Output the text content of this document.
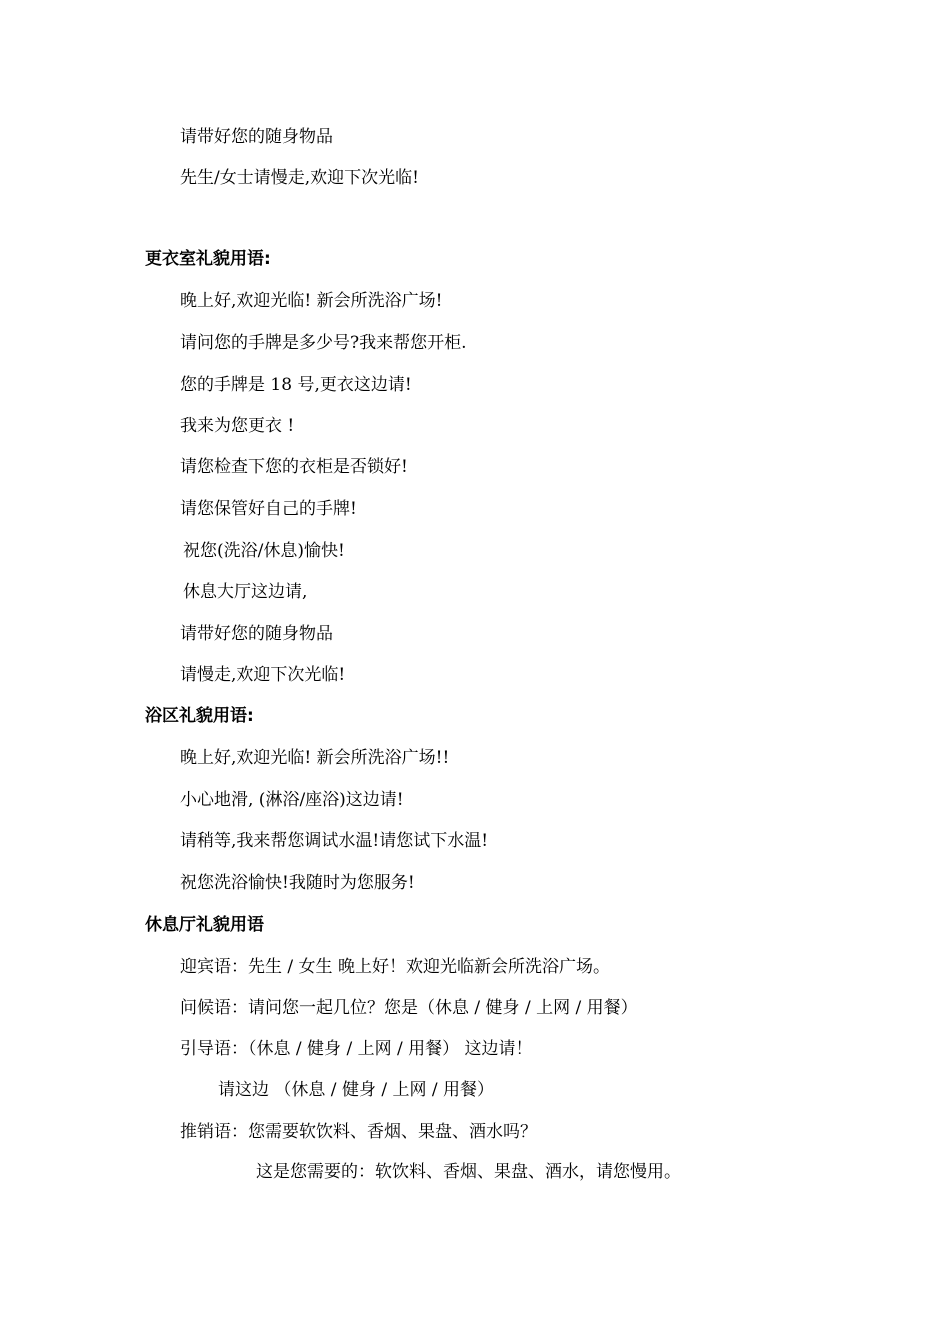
请带好您的随身物品
先生/女士请慢走,欢迎下次光临!
更衣室礼貌用语:
晚上好,欢迎光临! 新会所洗浴广场!
请问您的手牌是多少号?我来帮您开柜.
您的手牌是 18 号,更衣这边请!
我来为您更衣 !
请您检查下您的衣柜是否锁好!
请您保管好自己的手牌!
祝您(洗浴/休息)愉快!
休息大厅这边请,
请带好您的随身物品
请慢走,欢迎下次光临!
浴区礼貌用语:
晚上好,欢迎光临! 新会所洗浴广场!!
小心地滑, (淋浴/座浴)这边请!
请稍等,我来帮您调试水温!请您试下水温!
祝您洗浴愉快!我随时为您服务!
休息厅礼貌用语
迎宾语：先生 / 女生 晚上好！欢迎光临新会所洗浴广场。
问候语：请问您一起几位？您是（休息 / 健身 / 上网 / 用餐）
引导语：（休息 / 健身 / 上网 / 用餐） 这边请！
请这边 （休息 / 健身 / 上网 / 用餐）
推销语：您需要软饮料、香烟、果盘、酒水吗？
这是您需要的：软饮料、香烟、果盘、酒水，请您慢用。
